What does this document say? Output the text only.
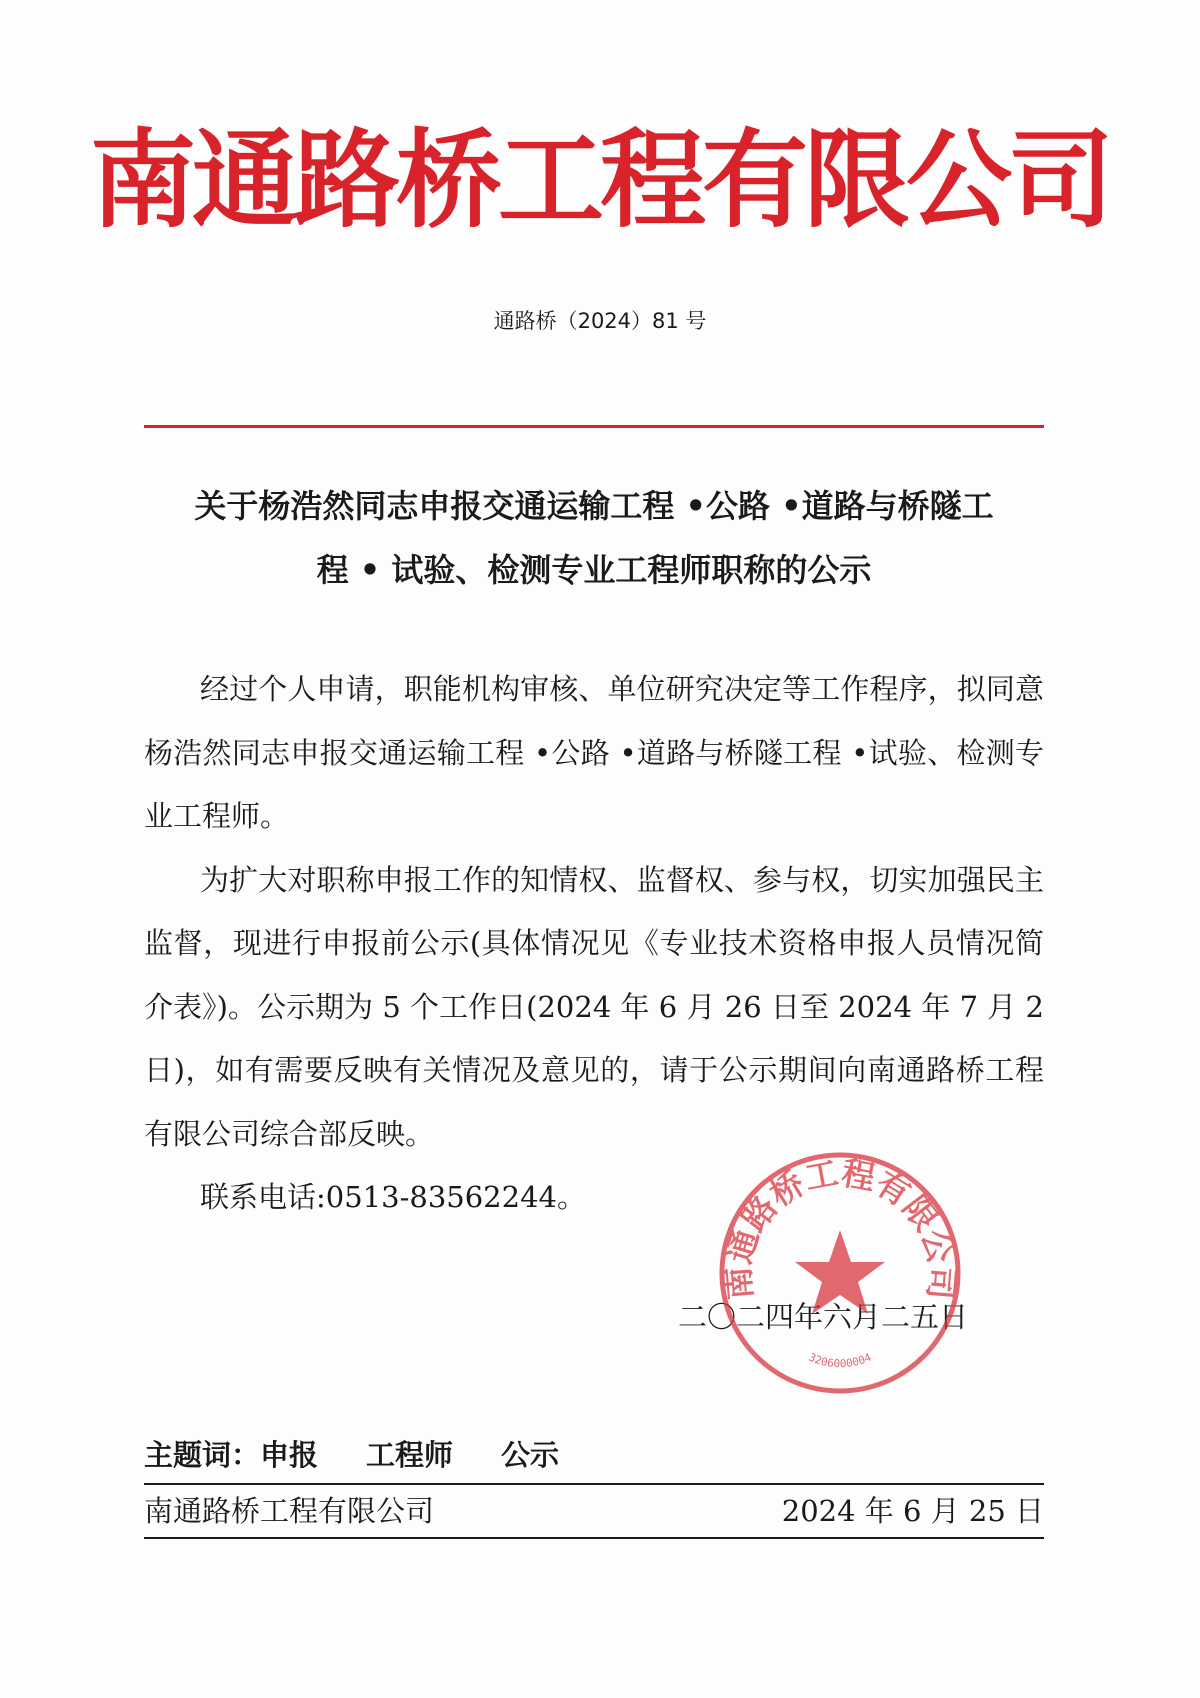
南通路桥工程有限公司
通路桥（2024）81 号
关于杨浩然同志申报交通运输工程 •公路 •道路与桥隧工
程 • 试验、检测专业工程师职称的公示

经过个人申请，职能机构审核、单位研究决定等工作程序，拟同意杨浩然同志申报交通运输工程 •公路 •道路与桥隧工程 •试验、检测专业工程师。

为扩大对职称申报工作的知情权、监督权、参与权，切实加强民主监督，现进行申报前公示(具体情况见《专业技术资格申报人员情况简介表》)。公示期为 5 个工作日(2024 年 6 月 26 日至 2024 年 7 月 2 日)，如有需要反映有关情况及意见的，请于公示期间向南通路桥工程有限公司综合部反映。

联系电话:0513-83562244。

二〇二四年六月二五日
南通路桥工程有限公司
3206000004
主题词：申报 工程师 公示
南通路桥工程有限公司	2024 年 6 月 25 日
